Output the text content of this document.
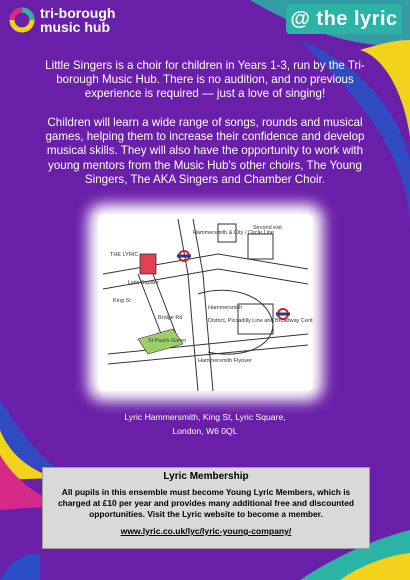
tri-borough
music hub	@ the lyric
Little Singers is a choir for children in Years 1-3, run by the Tri-borough Music Hub. There is no audition, and no previous experience is required — just a love of singing!
Children will learn a wide range of songs, rounds and musical games, helping them to increase their confidence and develop musical skills. They will also have the opportunity to work with young mentors from the Music Hub's other choirs, The Young Singers, The AKA Singers and Chamber Choir.
THE LYRIC
Lyric Square
King St
Hammersmith & City / Circle Line
Second exit
Hammersmith
District, Piccadilly Line and Broadway Centre
St Paul's Green
Hammersmith Flyover
Bridge Rd
Lyric Hammersmith, King St, Lyric Square,
London, W6 0QL
Lyric Membership
All pupils in this ensemble must become Young Lyric Members, which is charged at £10 per year and provides many additional free and discounted opportunities. Visit the Lyric website to become a member.
www.lyric.co.uk/lyc/lyric-young-company/
